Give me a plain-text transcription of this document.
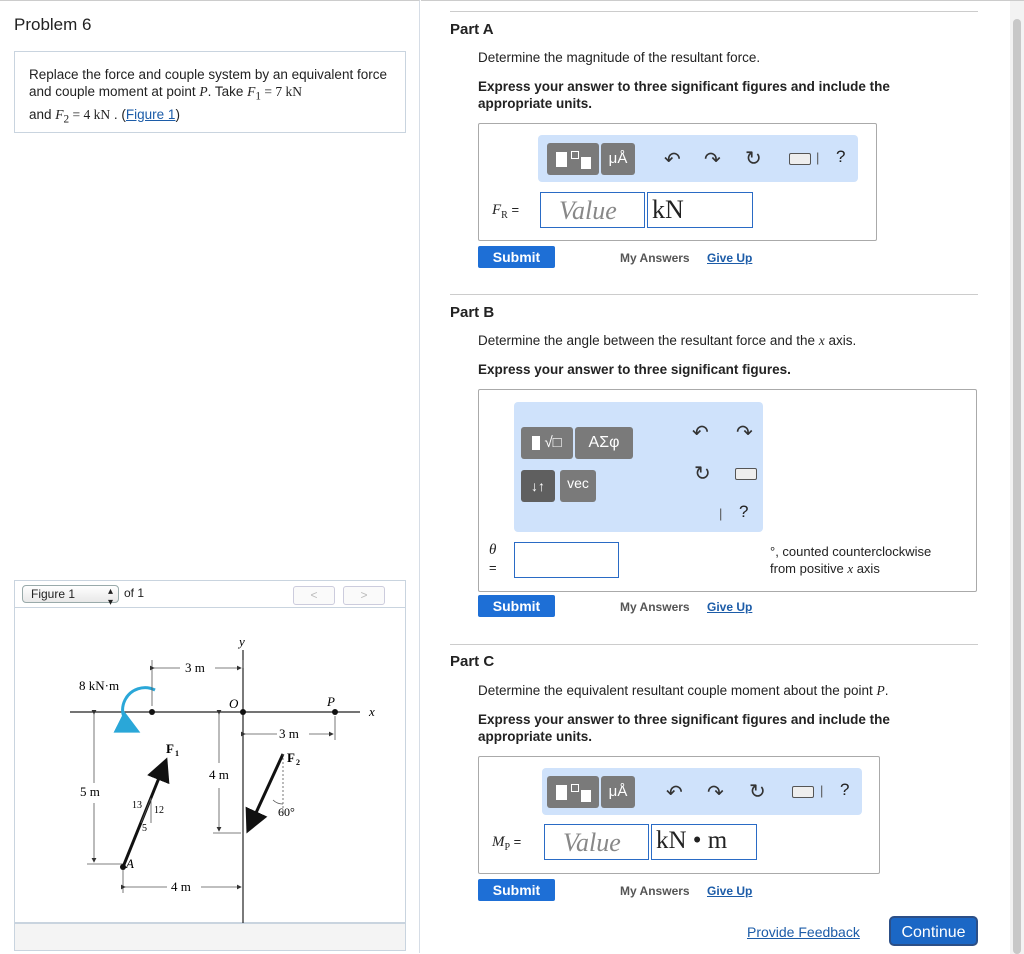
Problem 6
Replace the force and couple system by an equivalent force and couple moment at point P. Take $F_1 = 7$ kN
and $F_2 = 4$ kN . (Figure 1)
Figure 1	▴
▾
of 1	<	>
8 kN·m
3 m
y
O	P
x
F 1
3 m
F 2
4 m
5 m
13 12
5
60°
A
4 m
Part A
Determine the magnitude of the resultant force.
Express your answer to three significant figures and include the appropriate units.
μÅ	↶ ↷ ↻	| ?
$F_R$ =	Value	kN
Submit	My Answers Give Up
Part B
Determine the angle between the resultant force and the x axis.
Express your answer to three significant figures.
√□	ΑΣφ
↓↑	vec
↶ ↷
↻
| ?
θ
=
°, counted counterclockwise
from positive x axis
Submit	My Answers Give Up
Part C
Determine the equivalent resultant couple moment about the point P.
Express your answer to three significant figures and include the appropriate units.
μÅ	↶ ↷ ↻	| ?
$M_P$ =	Value	kN • m
Submit	My Answers Give Up
Provide Feedback	Continue
